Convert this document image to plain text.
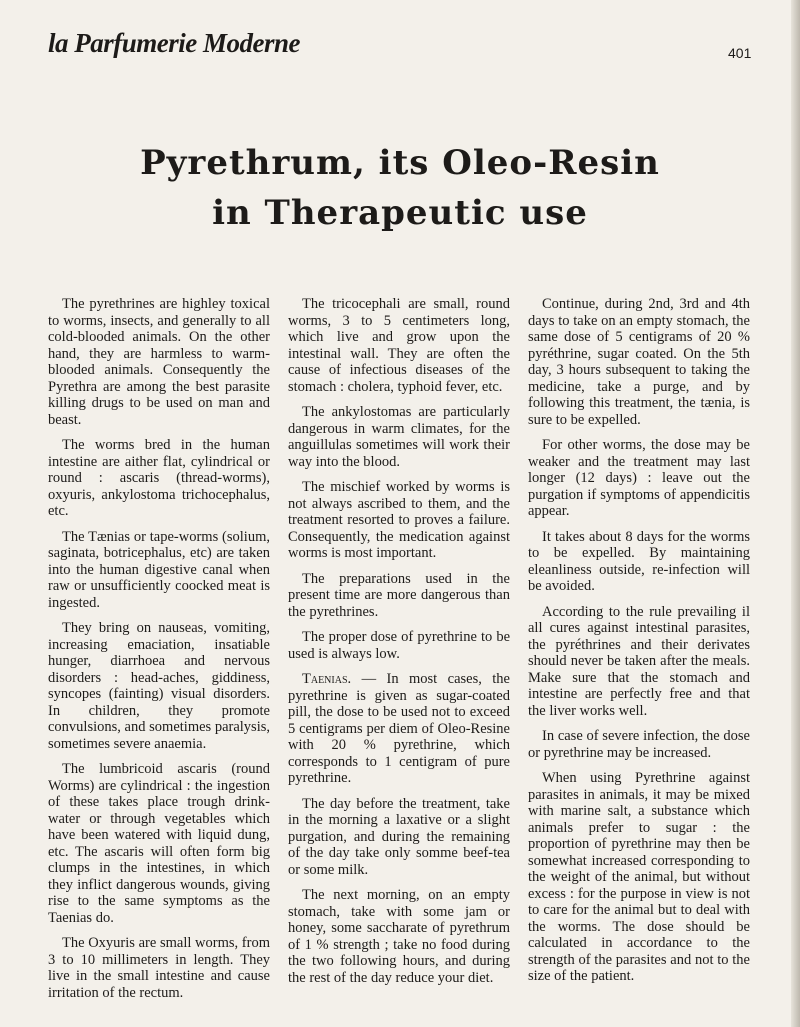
la Parfumerie Moderne	401
Pyrethrum, its Oleo-Resin
in Therapeutic use

The pyrethrines are highley toxical to worms, insects, and generally to all cold-blooded animals. On the other hand, they are harmless to warm-blooded animals. Consequently the Pyrethra are among the best parasite killing drugs to be used on man and beast.

The worms bred in the human intestine are aither flat, cylindrical or round : ascaris (thread-worms), oxyuris, ankylostoma trichocephalus, etc.

The Tænias or tape-worms (solium, saginata, botricephalus, etc) are taken into the human digestive canal when raw or unsufficiently coocked meat is ingested.

They bring on nauseas, vomiting, increasing emaciation, insatiable hunger, diarrhoea and nervous disorders : head-aches, giddiness, syncopes (fainting) visual disorders. In children, they promote convulsions, and sometimes paralysis, sometimes severe anaemia.

The lumbricoid ascaris (round Worms) are cylindrical : the ingestion of these takes place trough drink-water or through vegetables which have been watered with liquid dung, etc. The ascaris will often form big clumps in the intestines, in which they inflict dangerous wounds, giving rise to the same symptoms as the Taenias do.

The Oxyuris are small worms, from 3 to 10 millimeters in length. They live in the small intestine and cause irritation of the rectum.

The tricocephali are small, round worms, 3 to 5 centimeters long, which live and grow upon the intestinal wall. They are often the cause of infectious diseases of the stomach : cholera, typhoid fever, etc.

The ankylostomas are particularly dangerous in warm climates, for the anguillulas sometimes will work their way into the blood.

The mischief worked by worms is not always ascribed to them, and the treatment resorted to proves a failure. Consequently, the medication against worms is most important.

The preparations used in the present time are more dangerous than the pyrethrines.

The proper dose of pyrethrine to be used is always low.

Taenias. — In most cases, the pyrethrine is given as sugar-coated pill, the dose to be used not to exceed 5 centigrams per diem of Oleo-Resine with 20 % pyrethrine, which corresponds to 1 centigram of pure pyrethrine.

The day before the treatment, take in the morning a laxative or a slight purgation, and during the remaining of the day take only somme beef-tea or some milk.

The next morning, on an empty stomach, take with some jam or honey, some saccharate of pyrethrum of 1 % strength ; take no food during the two following hours, and during the rest of the day reduce your diet.

Continue, during 2nd, 3rd and 4th days to take on an empty stomach, the same dose of 5 centigrams of 20 % pyréthrine, sugar coated. On the 5th day, 3 hours subsequent to taking the medicine, take a purge, and by following this treatment, the tænia, is sure to be expelled.

For other worms, the dose may be weaker and the treatment may last longer (12 days) : leave out the purgation if symptoms of appendicitis appear.

It takes about 8 days for the worms to be expelled. By maintaining eleanliness outside, re-infection will be avoided.

According to the rule prevailing il all cures against intestinal parasites, the pyréthrines and their derivates should never be taken after the meals. Make sure that the stomach and intestine are perfectly free and that the liver works well.

In case of severe infection, the dose or pyrethrine may be increased.

When using Pyrethrine against parasites in animals, it may be mixed with marine salt, a substance which animals prefer to sugar : the proportion of pyrethrine may then be somewhat increased corresponding to the weight of the animal, but without excess : for the purpose in view is not to care for the animal but to deal with the worms. The dose should be calculated in accordance to the strength of the parasites and not to the size of the patient.
